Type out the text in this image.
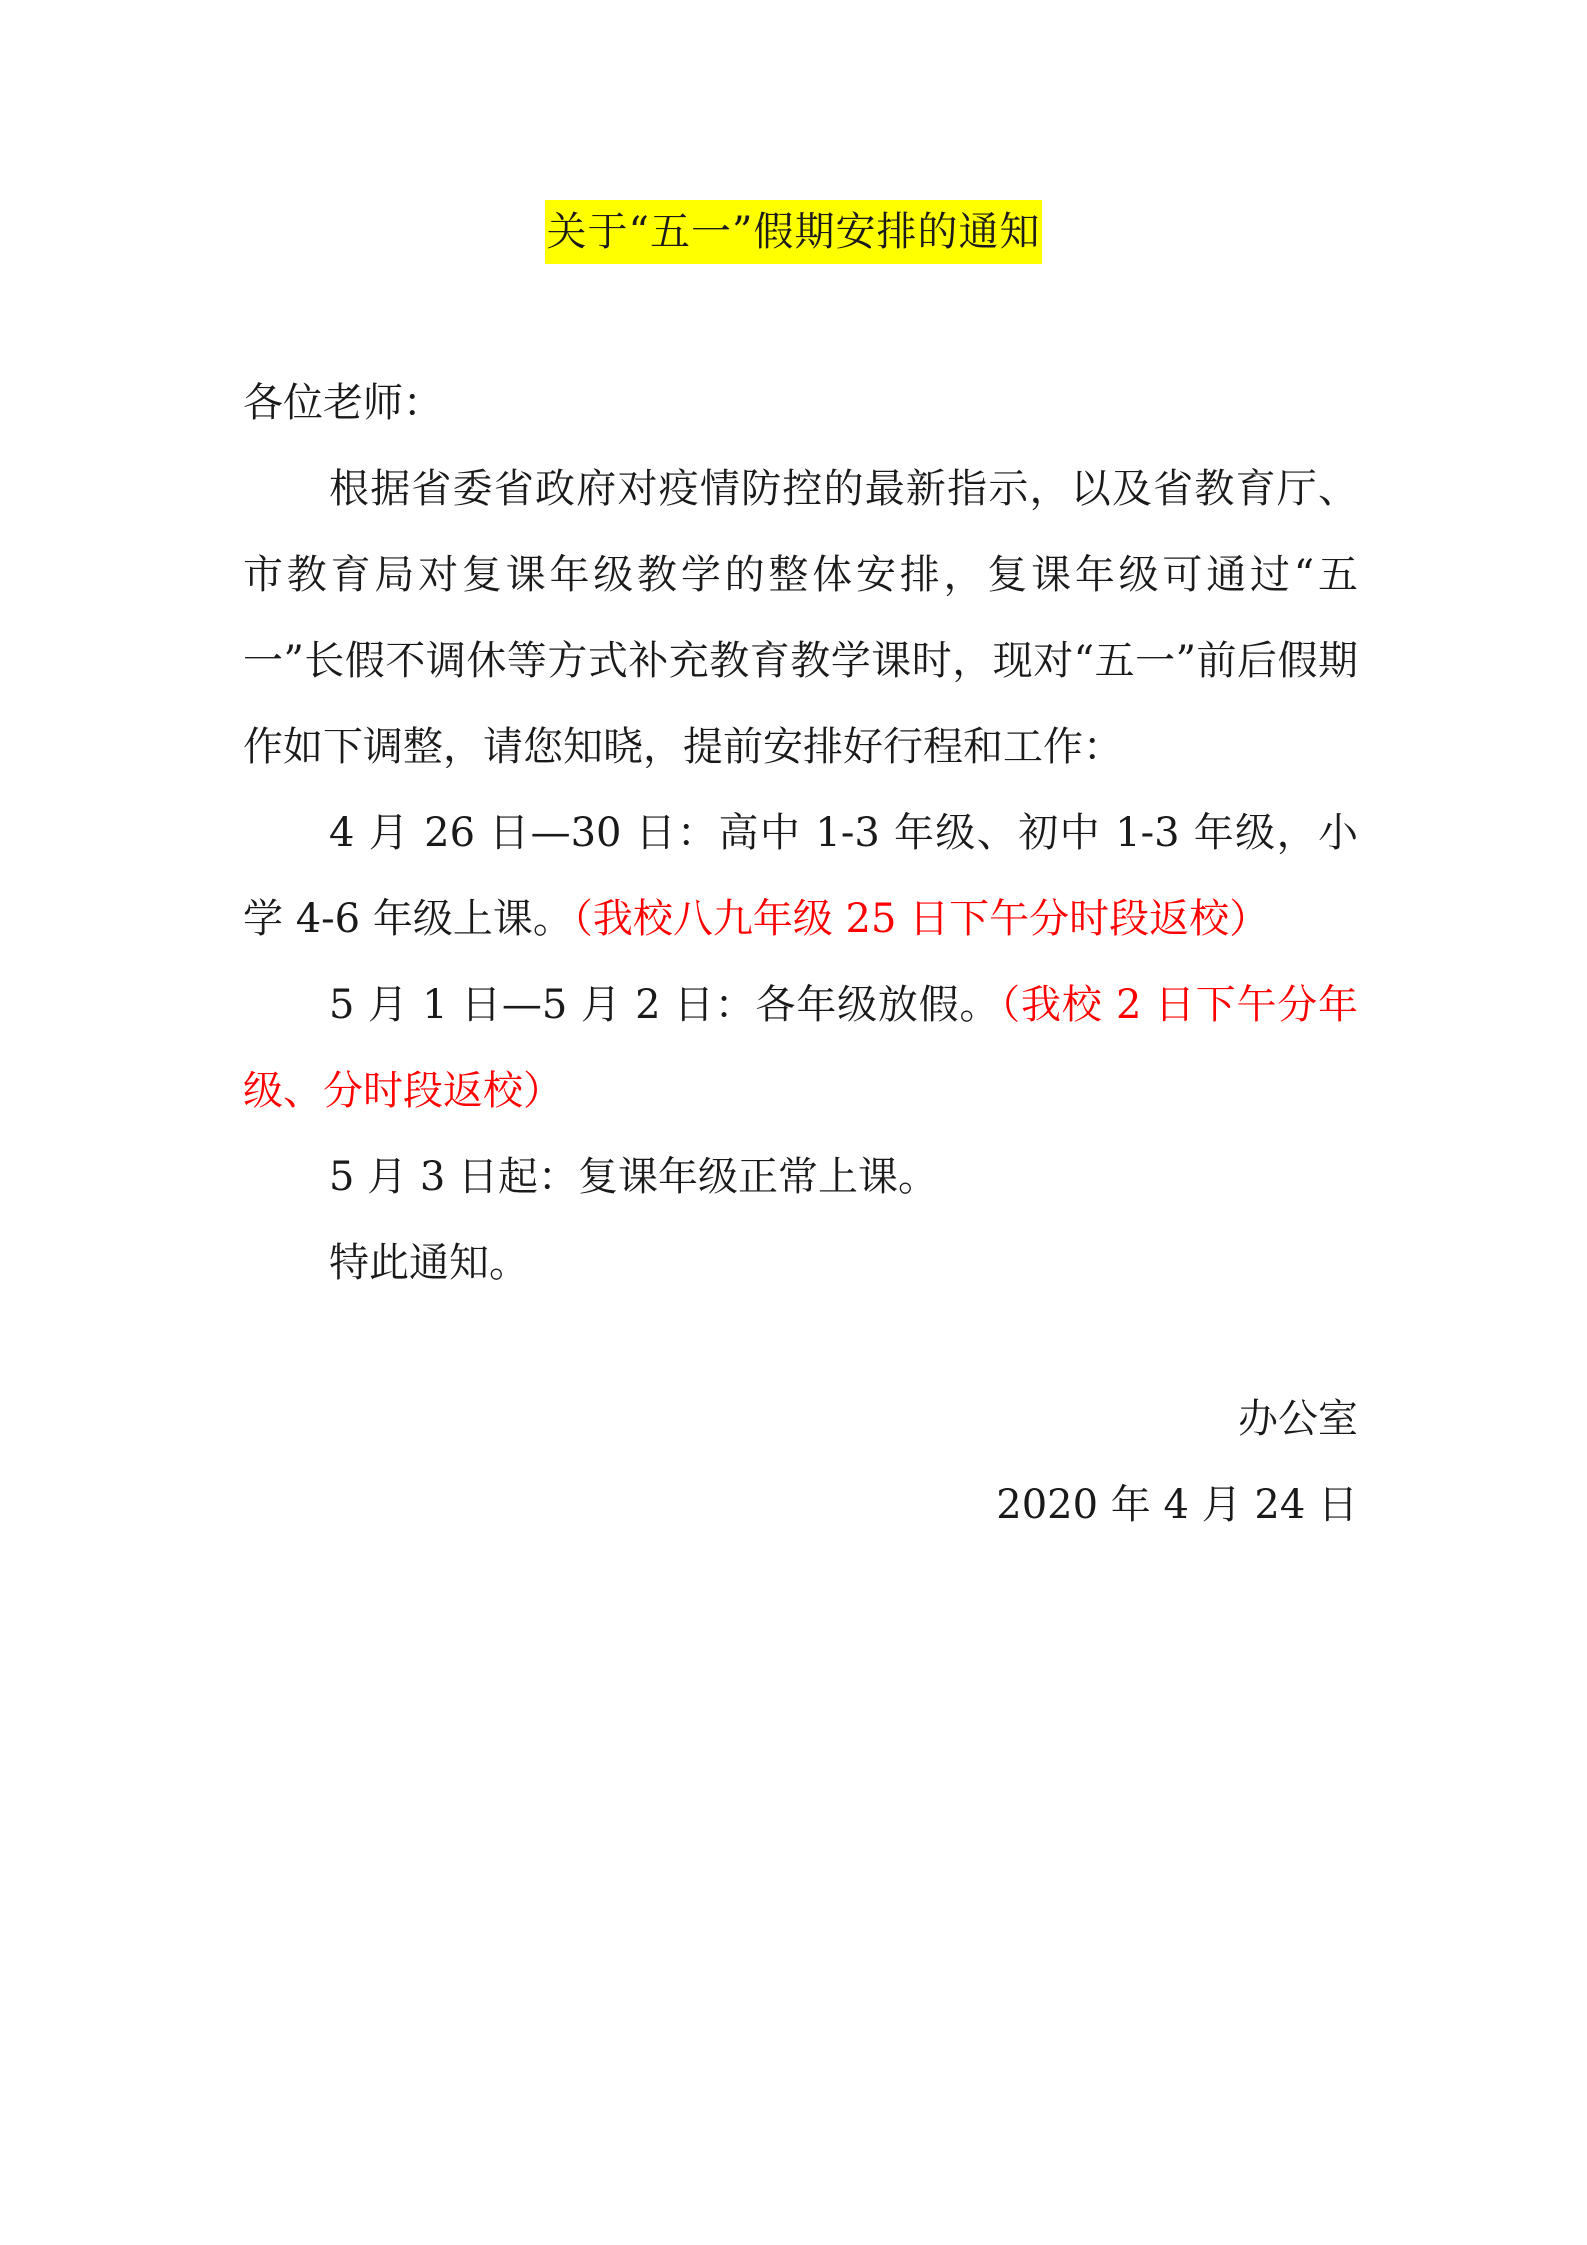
关于“五一”假期安排的通知
各位老师：

根据省委省政府对疫情防控的最新指示，以及省教育厅、市教育局对复课年级教学的整体安排，复课年级可通过“五一”长假不调休等方式补充教育教学课时，现对“五一”前后假期作如下调整，请您知晓，提前安排好行程和工作：

4 月 26 日—30 日：高中 1-3 年级、初中 1-3 年级，小学 4-6 年级上课。（我校八九年级 25 日下午分时段返校）

5 月 1 日—5 月 2 日：各年级放假。（我校 2 日下午分年级、分时段返校）

5 月 3 日起：复课年级正常上课。

特此通知。

办公室
2020 年 4 月 24 日
